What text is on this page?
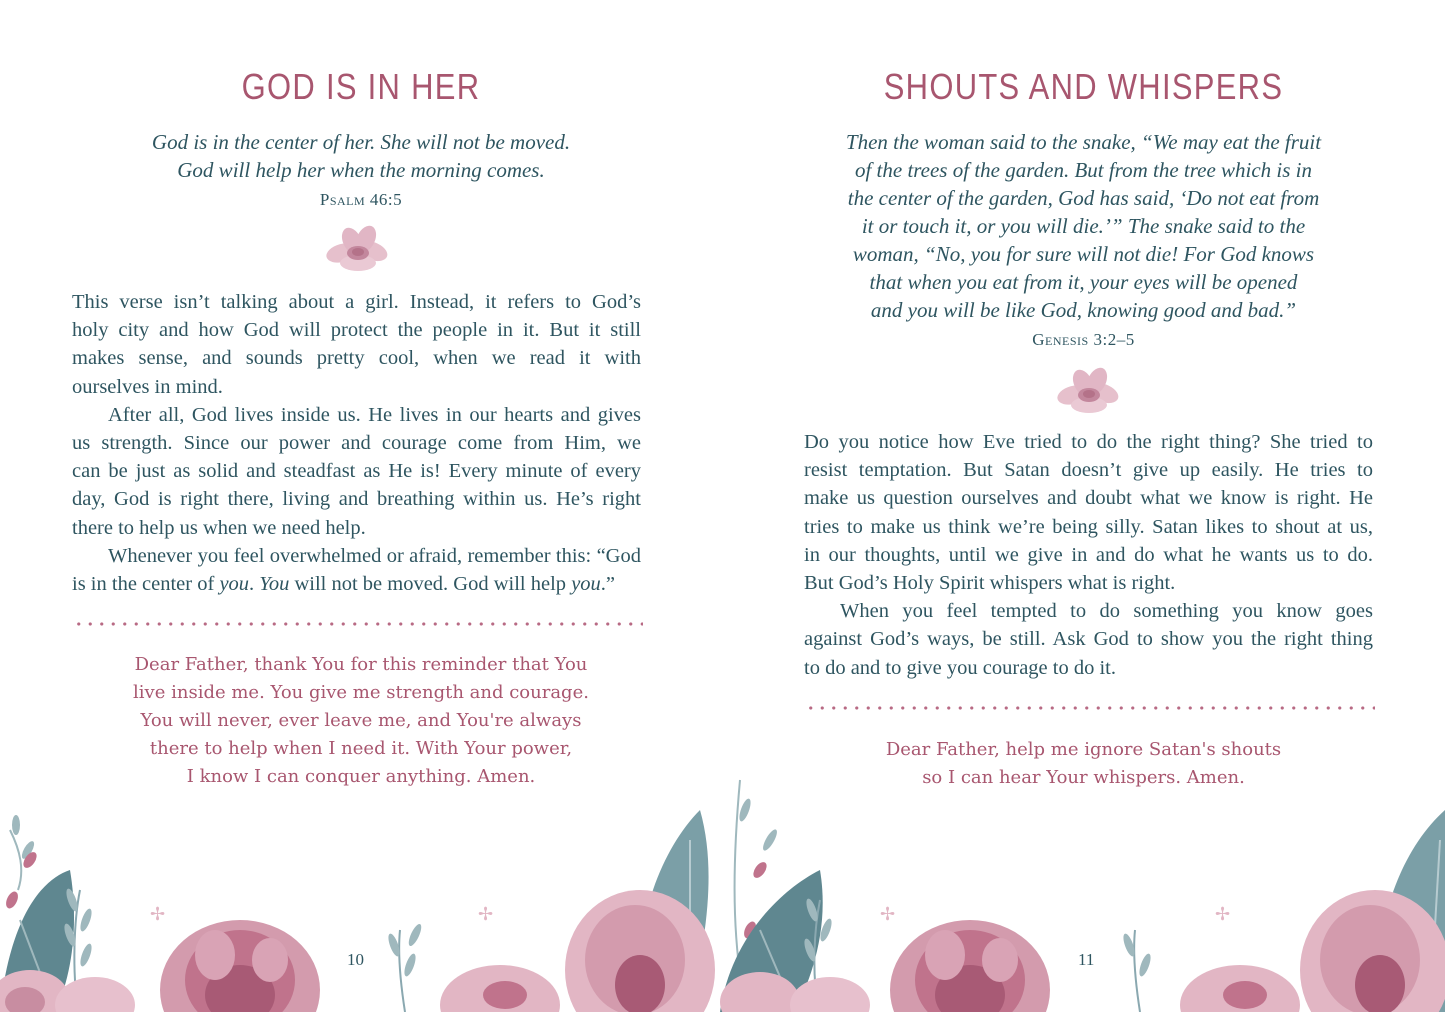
GOD IS IN HER
God is in the center of her. She will not be moved.
God will help her when the morning comes.
Psalm 46:5
This verse isn’t talking about a girl. Instead, it refers to God’s
holy city and how God will protect the people in it. But it still
makes sense, and sounds pretty cool, when we read it with
ourselves in mind.
After all, God lives inside us. He lives in our hearts and gives
us strength. Since our power and courage come from Him, we
can be just as solid and steadfast as He is! Every minute of every
day, God is right there, living and breathing within us. He’s right
there to help us when we need help.
Whenever you feel overwhelmed or afraid, remember this: “God
is in the center of you. You will not be moved. God will help you.”
Dear Father, thank You for this reminder that You
live inside me. You give me strength and courage.
You will never, ever leave me, and You're always
there to help when I need it. With Your power,
I know I can conquer anything. Amen.
10
SHOUTS AND WHISPERS
Then the woman said to the snake, “We may eat the fruit
of the trees of the garden. But from the tree which is in
the center of the garden, God has said, ‘Do not eat from
it or touch it, or you will die.’” The snake said to the
woman, “No, you for sure will not die! For God knows
that when you eat from it, your eyes will be opened
and you will be like God, knowing good and bad.”
Genesis 3:2–5
Do you notice how Eve tried to do the right thing? She tried to
resist temptation. But Satan doesn’t give up easily. He tries to
make us question ourselves and doubt what we know is right. He
tries to make us think we’re being silly. Satan likes to shout at us,
in our thoughts, until we give in and do what he wants us to do.
But God’s Holy Spirit whispers what is right.
When you feel tempted to do something you know goes
against God’s ways, be still. Ask God to show you the right thing
to do and to give you courage to do it.
Dear Father, help me ignore Satan's shouts
so I can hear Your whispers. Amen.
11
✢	✢	✢	✢
